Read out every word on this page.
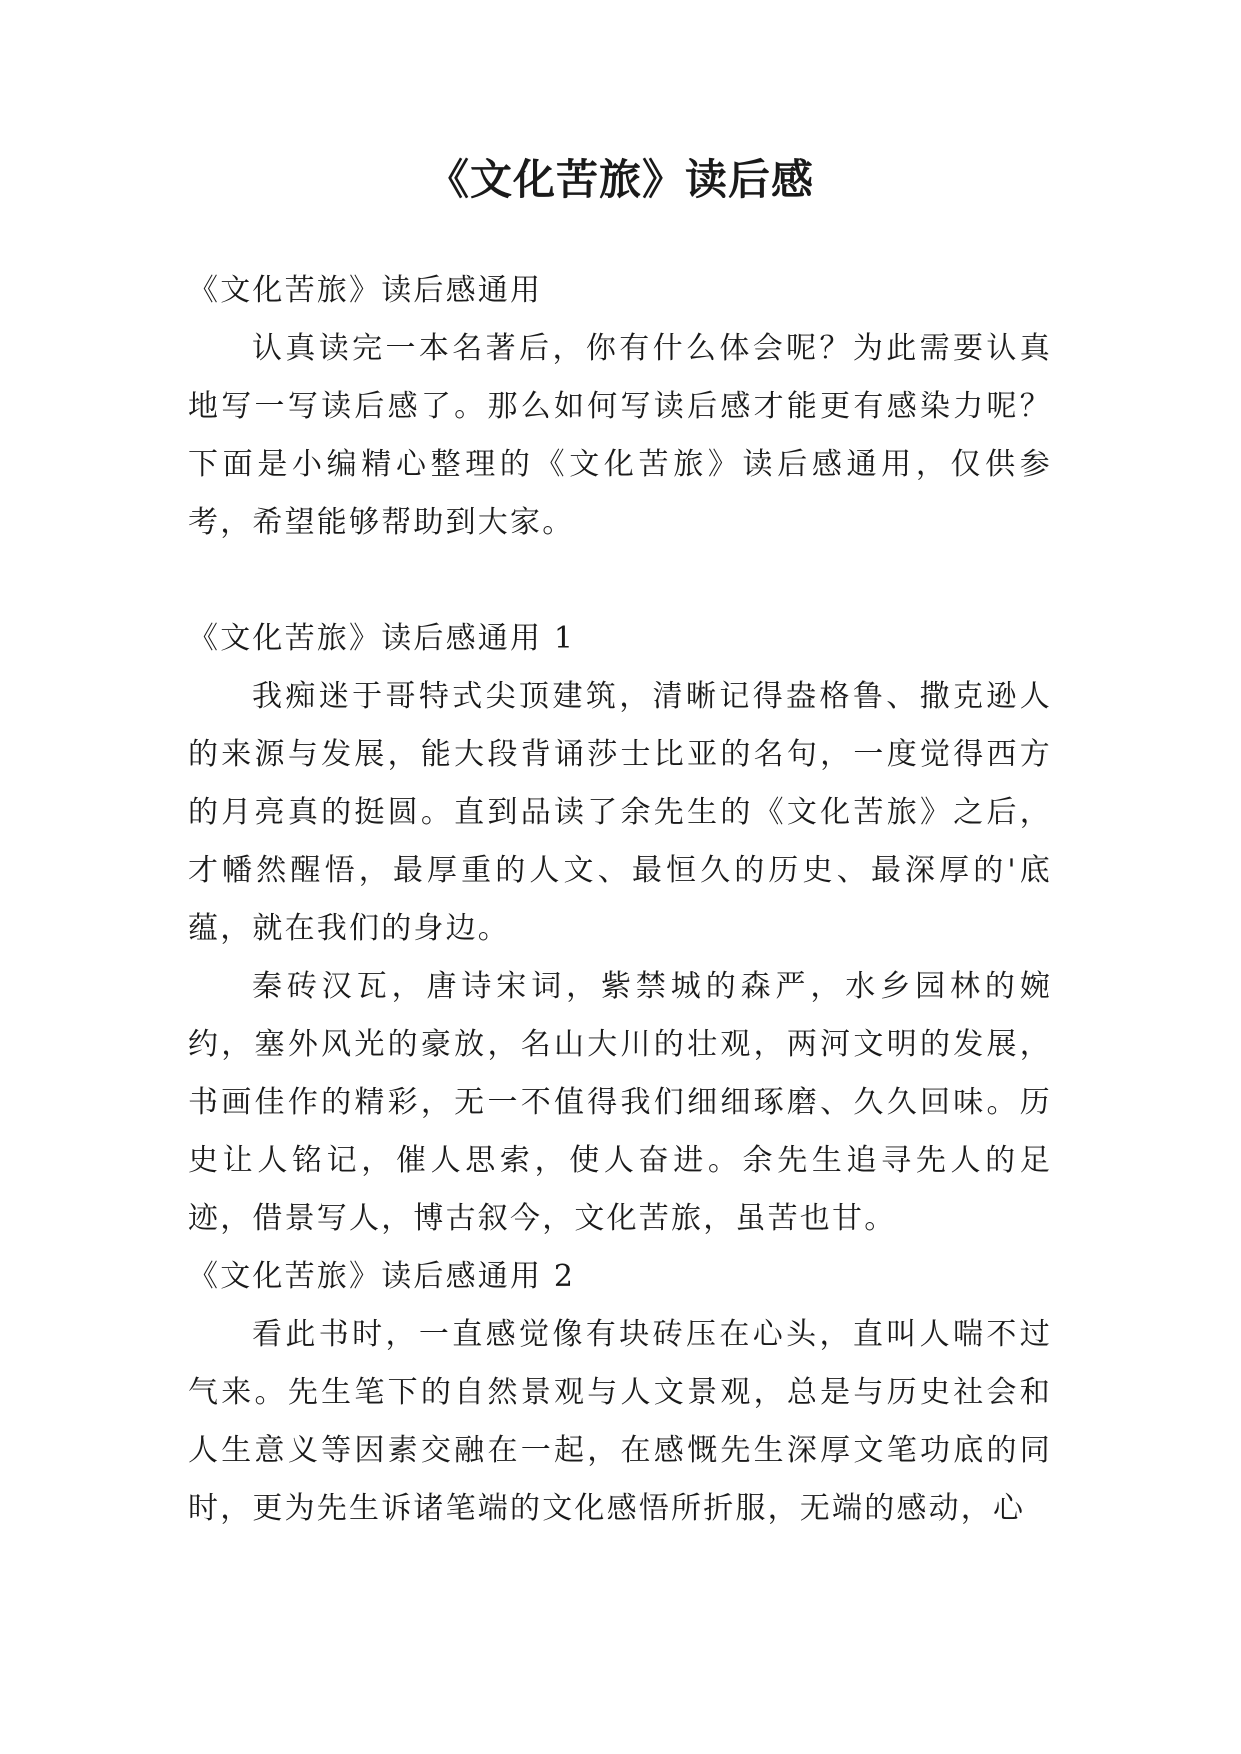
《文化苦旅》读后感

《文化苦旅》读后感通用

认真读完一本名著后，你有什么体会呢？为此需要认真地写一写读后感了。那么如何写读后感才能更有感染力呢？下面是小编精心整理的《文化苦旅》读后感通用，仅供参考，希望能够帮助到大家。

《文化苦旅》读后感通用 1

我痴迷于哥特式尖顶建筑，清晰记得盎格鲁、撒克逊人的来源与发展，能大段背诵莎士比亚的名句，一度觉得西方的月亮真的挺圆。直到品读了余先生的《文化苦旅》之后，才幡然醒悟，最厚重的人文、最恒久的历史、最深厚的'底蕴，就在我们的身边。

秦砖汉瓦，唐诗宋词，紫禁城的森严，水乡园林的婉约，塞外风光的豪放，名山大川的壮观，两河文明的发展，书画佳作的精彩，无一不值得我们细细琢磨、久久回味。历史让人铭记，催人思索，使人奋进。余先生追寻先人的足迹，借景写人，博古叙今，文化苦旅，虽苦也甘。

《文化苦旅》读后感通用 2

看此书时，一直感觉像有块砖压在心头，直叫人喘不过气来。先生笔下的自然景观与人文景观，总是与历史社会和人生意义等因素交融在一起，在感慨先生深厚文笔功底的同时，更为先生诉诸笔端的文化感悟所折服，无端的感动，心
